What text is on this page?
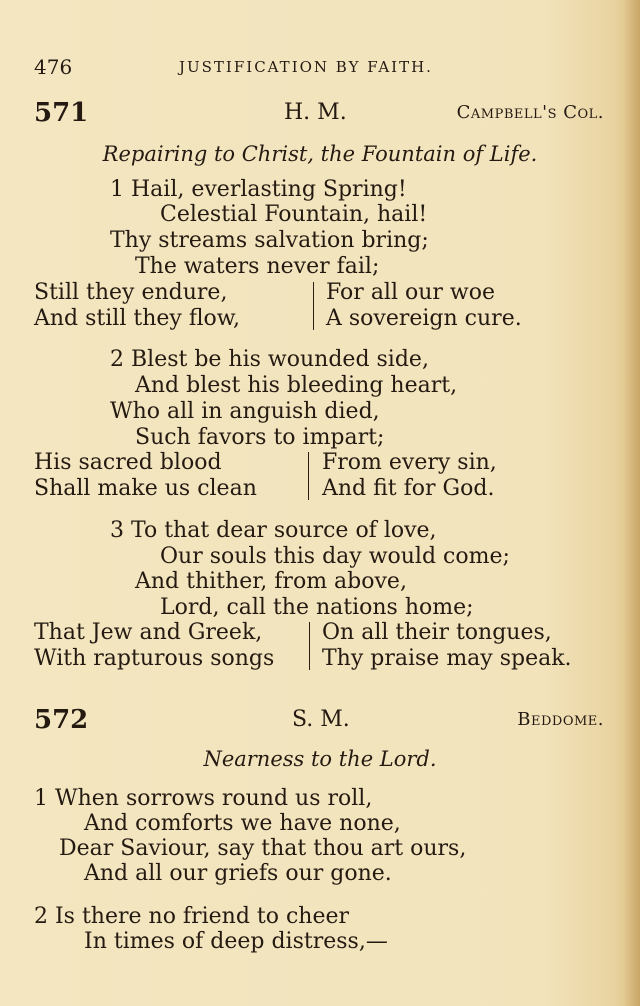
476	JUSTIFICATION BY FAITH.
571	H. M.	Campbell's Col.
Repairing to Christ, the Fountain of Life.
1 Hail, everlasting Spring!
Celestial Fountain, hail!
Thy streams salvation bring;
The waters never fail;
Still they endure,
And still they flow,
For all our woe
A sovereign cure.
2 Blest be his wounded side,
And blest his bleeding heart,
Who all in anguish died,
Such favors to impart;
His sacred blood
Shall make us clean
From every sin,
And fit for God.
3 To that dear source of love,
Our souls this day would come;
And thither, from above,
Lord, call the nations home;
That Jew and Greek,
With rapturous songs
On all their tongues,
Thy praise may speak.
572	S. M.	Beddome.
Nearness to the Lord.
1 When sorrows round us roll,
And comforts we have none,
Dear Saviour, say that thou art ours,
And all our griefs our gone.
2 Is there no friend to cheer
In times of deep distress,—
